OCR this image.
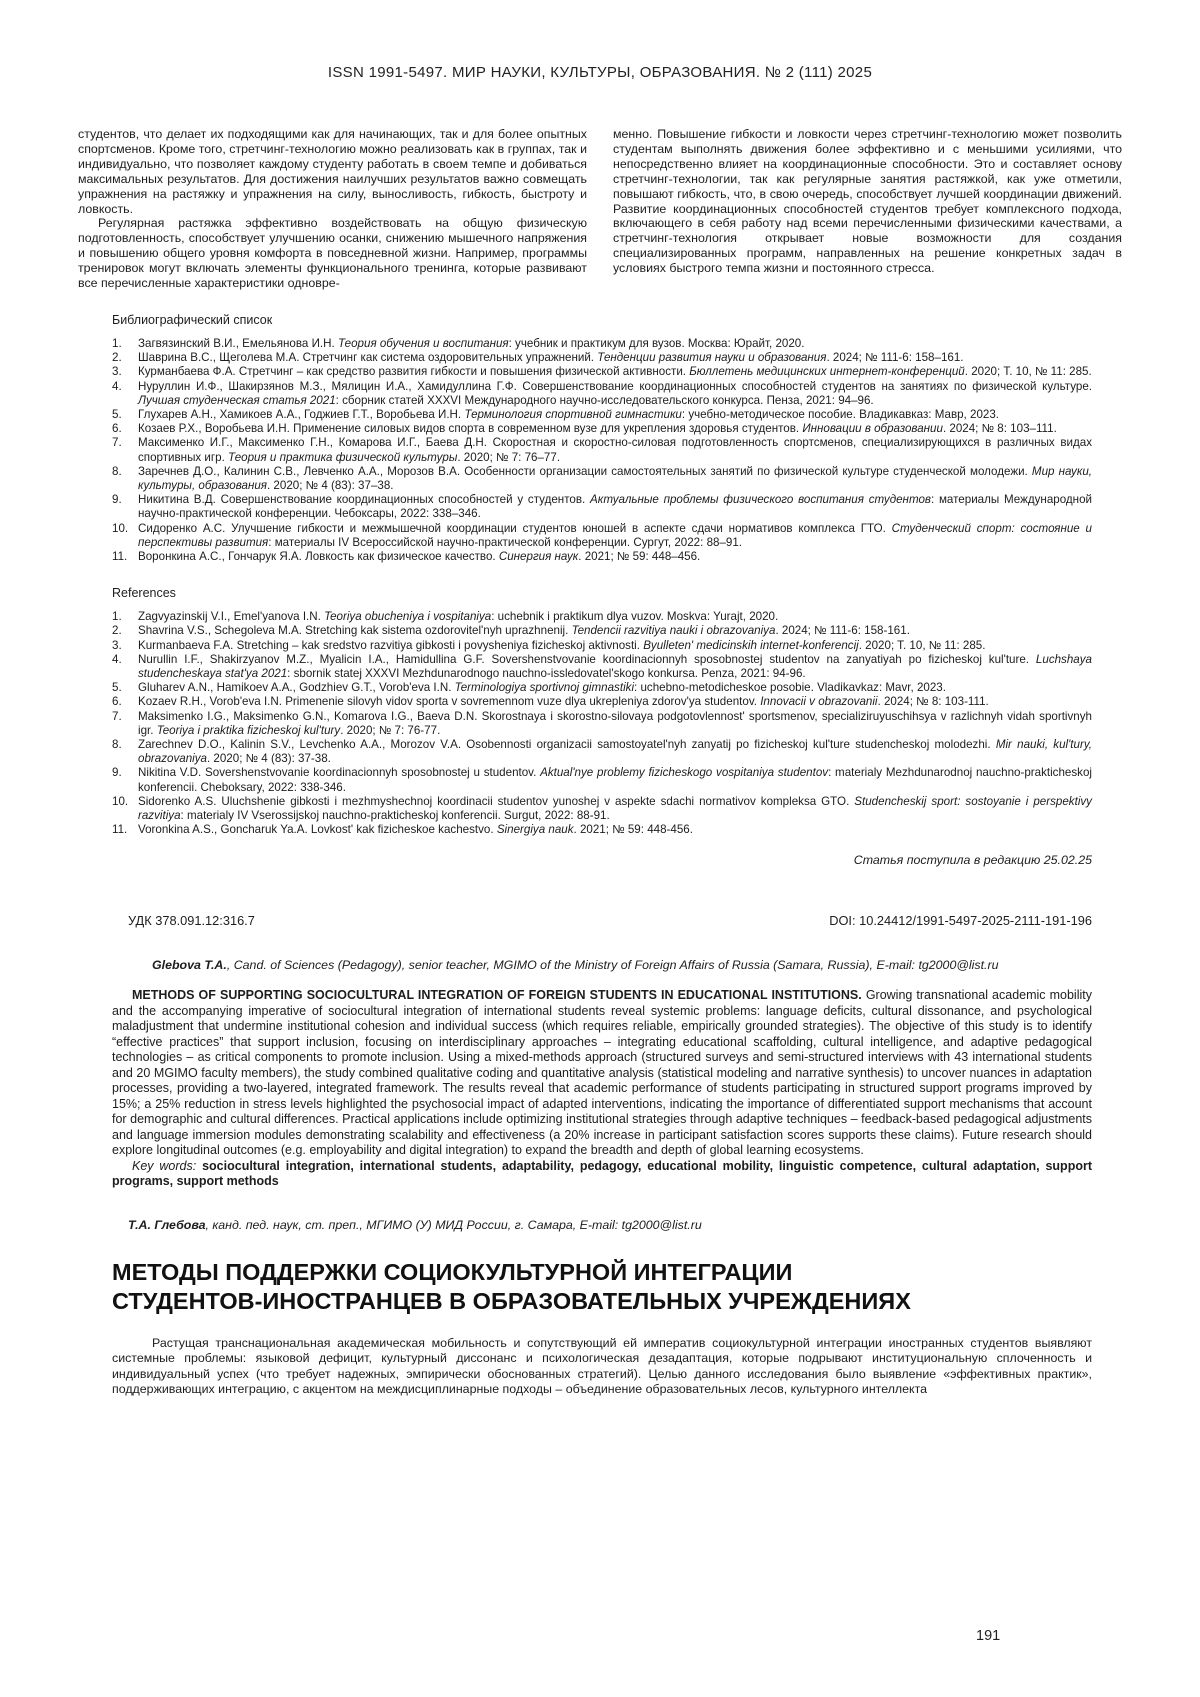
ISSN 1991-5497. МИР НАУКИ, КУЛЬТУРЫ, ОБРАЗОВАНИЯ. № 2 (111) 2025

студентов, что делает их подходящими как для начинающих, так и для более опытных спортсменов. Кроме того, стретчинг-технологию можно реализовать как в группах, так и индивидуально, что позволяет каждому студенту работать в своем темпе и добиваться максимальных результатов. Для достижения наилучших результатов важно совмещать упражнения на растяжку и упражнения на силу, выносливость, гибкость, быстроту и ловкость.

Регулярная растяжка эффективно воздействовать на общую физическую подготовленность, способствует улучшению осанки, снижению мышечного напряжения и повышению общего уровня комфорта в повседневной жизни. Например, программы тренировок могут включать элементы функционального тренинга, которые развивают все перечисленные характеристики одновре-

менно. Повышение гибкости и ловкости через стретчинг-технологию может позволить студентам выполнять движения более эффективно и с меньшими усилиями, что непосредственно влияет на координационные способности. Это и составляет основу стретчинг-технологии, так как регулярные занятия растяжкой, как уже отметили, повышают гибкость, что, в свою очередь, способствует лучшей координации движений. Развитие координационных способностей студентов требует комплексного подхода, включающего в себя работу над всеми перечисленными физическими качествами, а стретчинг-технология открывает новые возможности для создания специализированных программ, направленных на решение конкретных задач в условиях быстрого темпа жизни и постоянного стресса.

Библиографический список
1.	Загвязинский В.И., Емельянова И.Н. Теория обучения и воспитания: учебник и практикум для вузов. Москва: Юрайт, 2020.
2.	Шаврина В.С., Щеголева М.А. Стретчинг как система оздоровительных упражнений. Тенденции развития науки и образования. 2024; № 111-6: 158–161.
3.	Курманбаева Ф.А. Стретчинг – как средство развития гибкости и повышения физической активности. Бюллетень медицинских интернет-конференций. 2020; Т. 10, № 11: 285.
4.	Нуруллин И.Ф., Шакирзянов М.З., Мялицин И.А., Хамидуллина Г.Ф. Совершенствование координационных способностей студентов на занятиях по физической культуре. Лучшая студенческая статья 2021: сборник статей XXXVI Международного научно-исследовательского конкурса. Пенза, 2021: 94–96.
5.	Глухарев А.Н., Хамикоев А.А., Годжиев Г.Т., Воробьева И.Н. Терминология спортивной гимнастики: учебно-методическое пособие. Владикавказ: Мавр, 2023.
6.	Козаев Р.Х., Воробьева И.Н. Применение силовых видов спорта в современном вузе для укрепления здоровья студентов. Инновации в образовании. 2024; № 8: 103–111.
7.	Максименко И.Г., Максименко Г.Н., Комарова И.Г., Баева Д.Н. Скоростная и скоростно-силовая подготовленность спортсменов, специализирующихся в различных видах спортивных игр. Теория и практика физической культуры. 2020; № 7: 76–77.
8.	Заречнев Д.О., Калинин С.В., Левченко А.А., Морозов В.А. Особенности организации самостоятельных занятий по физической культуре студенческой молодежи. Мир науки, культуры, образования. 2020; № 4 (83): 37–38.
9.	Никитина В.Д. Совершенствование координационных способностей у студентов. Актуальные проблемы физического воспитания студентов: материалы Международной научно-практической конференции. Чебоксары, 2022: 338–346.
10. Сидоренко А.С. Улучшение гибкости и межмышечной координации студентов юношей в аспекте сдачи нормативов комплекса ГТО. Студенческий спорт: состояние и перспективы развития: материалы IV Всероссийской научно-практической конференции. Сургут, 2022: 88–91.
11. Воронкина А.С., Гончарук Я.А. Ловкость как физическое качество. Синергия наук. 2021; № 59: 448–456.
References
1.	Zagvyazinskij V.I., Emel'yanova I.N. Teoriya obucheniya i vospitaniya: uchebnik i praktikum dlya vuzov. Moskva: Yurajt, 2020.
2.	Shavrina V.S., Schegoleva M.A. Stretching kak sistema ozdorovitel'nyh uprazhnenij. Tendencii razvitiya nauki i obrazovaniya. 2024; № 111-6: 158-161.
3.	Kurmanbaeva F.A. Stretching – kak sredstvo razvitiya gibkosti i povysheniya fizicheskoj aktivnosti. Byulleten' medicinskih internet-konferencij. 2020; T. 10, № 11: 285.
4.	Nurullin I.F., Shakirzyanov M.Z., Myalicin I.A., Hamidullina G.F. Sovershenstvovanie koordinacionnyh sposobnostej studentov na zanyatiyah po fizicheskoj kul'ture. Luchshaya studencheskaya stat'ya 2021: sbornik statej XXXVI Mezhdunarodnogo nauchno-issledovatel'skogo konkursa. Penza, 2021: 94-96.
5.	Gluharev A.N., Hamikoev A.A., Godzhiev G.T., Vorob'eva I.N. Terminologiya sportivnoj gimnastiki: uchebno-metodicheskoe posobie. Vladikavkaz: Mavr, 2023.
6.	Kozaev R.H., Vorob'eva I.N. Primenenie silovyh vidov sporta v sovremennom vuze dlya ukrepleniya zdorov'ya studentov. Innovacii v obrazovanii. 2024; № 8: 103-111.
7.	Maksimenko I.G., Maksimenko G.N., Komarova I.G., Baeva D.N. Skorostnaya i skorostno-silovaya podgotovlennost' sportsmenov, specializiruyuschihsya v razlichnyh vidah sportivnyh igr. Teoriya i praktika fizicheskoj kul'tury. 2020; № 7: 76-77.
8.	Zarechnev D.O., Kalinin S.V., Levchenko A.A., Morozov V.A. Osobennosti organizacii samostoyatel'nyh zanyatij po fizicheskoj kul'ture studencheskoj molodezhi. Mir nauki, kul'tury, obrazovaniya. 2020; № 4 (83): 37-38.
9.	Nikitina V.D. Sovershenstvovanie koordinacionnyh sposobnostej u studentov. Aktual'nye problemy fizicheskogo vospitaniya studentov: materialy Mezhdunarodnoj nauchno-prakticheskoj konferencii. Cheboksary, 2022: 338-346.
10. Sidorenko A.S. Uluchshenie gibkosti i mezhmyshechnoj koordinacii studentov yunoshej v aspekte sdachi normativov kompleksa GTO. Studencheskij sport: sostoyanie i perspektivy razvitiya: materialy IV Vserossijskoj nauchno-prakticheskoj konferencii. Surgut, 2022: 88-91.
11. Voronkina A.S., Goncharuk Ya.A. Lovkost' kak fizicheskoe kachestvo. Sinergiya nauk. 2021; № 59: 448-456.
Статья поступила в редакцию 25.02.25
УДК 378.091.12:316.7	DOI: 10.24412/1991-5497-2025-2111-191-196

Glebova T.A., Cand. of Sciences (Pedagogy), senior teacher, MGIMO of the Ministry of Foreign Affairs of Russia (Samara, Russia), E-mail: tg2000@list.ru

METHODS OF SUPPORTING SOCIOCULTURAL INTEGRATION OF FOREIGN STUDENTS IN EDUCATIONAL INSTITUTIONS. Growing transnational academic mobility and the accompanying imperative of sociocultural integration of international students reveal systemic problems: language deficits, cultural dissonance, and psychological maladjustment that undermine institutional cohesion and individual success (which requires reliable, empirically grounded strategies). The objective of this study is to identify “effective practices” that support inclusion, focusing on interdisciplinary approaches – integrating educational scaffolding, cultural intelligence, and adaptive pedagogical technologies – as critical components to promote inclusion. Using a mixed-methods approach (structured surveys and semi-structured interviews with 43 international students and 20 MGIMO faculty members), the study combined qualitative coding and quantitative analysis (statistical modeling and narrative synthesis) to uncover nuances in adaptation processes, providing a two-layered, integrated framework. The results reveal that academic performance of students participating in structured support programs improved by 15%; a 25% reduction in stress levels highlighted the psychosocial impact of adapted interventions, indicating the importance of differentiated support mechanisms that account for demographic and cultural differences. Practical applications include optimizing institutional strategies through adaptive techniques – feedback-based pedagogical adjustments and language immersion modules demonstrating scalability and effectiveness (a 20% increase in participant satisfaction scores supports these claims). Future research should explore longitudinal outcomes (e.g. employability and digital integration) to expand the breadth and depth of global learning ecosystems.

Key words: sociocultural integration, international students, adaptability, pedagogy, educational mobility, linguistic competence, cultural adaptation, support programs, support methods

Т.А. Глебова, канд. пед. наук, ст. преп., МГИМО (У) МИД России, г. Самара, E-mail: tg2000@list.ru

МЕТОДЫ ПОДДЕРЖКИ СОЦИОКУЛЬТУРНОЙ ИНТЕГРАЦИИ
СТУДЕНТОВ-ИНОСТРАНЦЕВ В ОБРАЗОВАТЕЛЬНЫХ УЧРЕЖДЕНИЯХ

Растущая транснациональная академическая мобильность и сопутствующий ей императив социокультурной интеграции иностранных студентов выявляют системные проблемы: языковой дефицит, культурный диссонанс и психологическая дезадаптация, которые подрывают институциональную сплоченность и индивидуальный успех (что требует надежных, эмпирически обоснованных стратегий). Целью данного исследования было выявление «эффективных практик», поддерживающих интеграцию, с акцентом на междисциплинарные подходы – объединение образовательных лесов, культурного интеллекта

191
